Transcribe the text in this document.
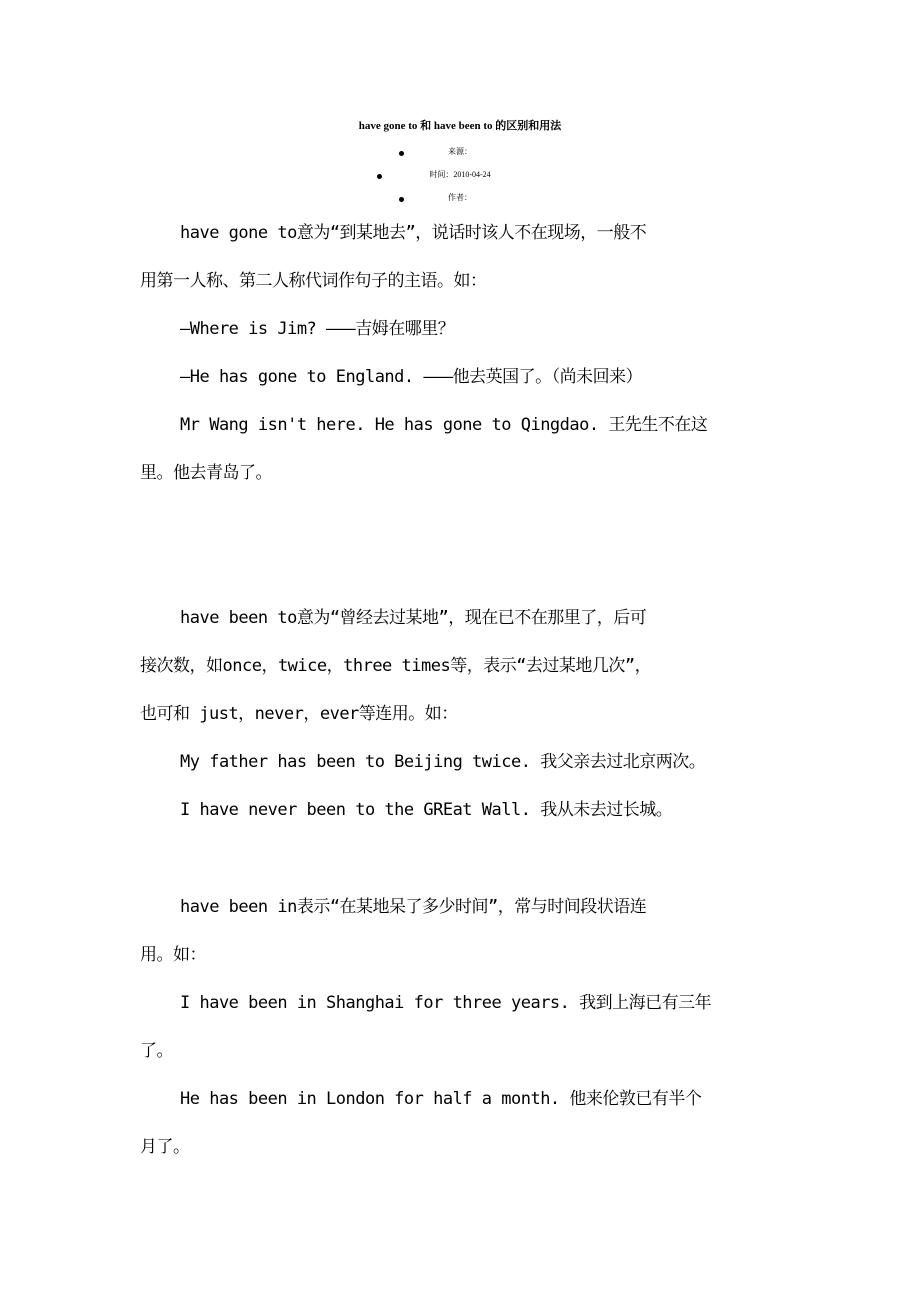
have gone to 和 have been to 的区别和用法
来源：
时间：2010-04-24
作者：
have gone to意为“到某地去”，说话时该人不在现场，一般不
用第一人称、第二人称代词作句子的主语。如：
—Where is Jim? ———吉姆在哪里？
—He has gone to England. ———他去英国了。（尚未回来）
Mr Wang isn't here. He has gone to Qingdao. 王先生不在这
里。他去青岛了。
have been to意为“曾经去过某地”，现在已不在那里了，后可
接次数，如once，twice，three times等，表示“去过某地几次”，
也可和 just，never，ever等连用。如：
My father has been to Beijing twice. 我父亲去过北京两次。
I have never been to the GREat Wall. 我从未去过长城。
have been in表示“在某地呆了多少时间”，常与时间段状语连
用。如：
I have been in Shanghai for three years. 我到上海已有三年
了。
He has been in London for half a month. 他来伦敦已有半个
月了。
